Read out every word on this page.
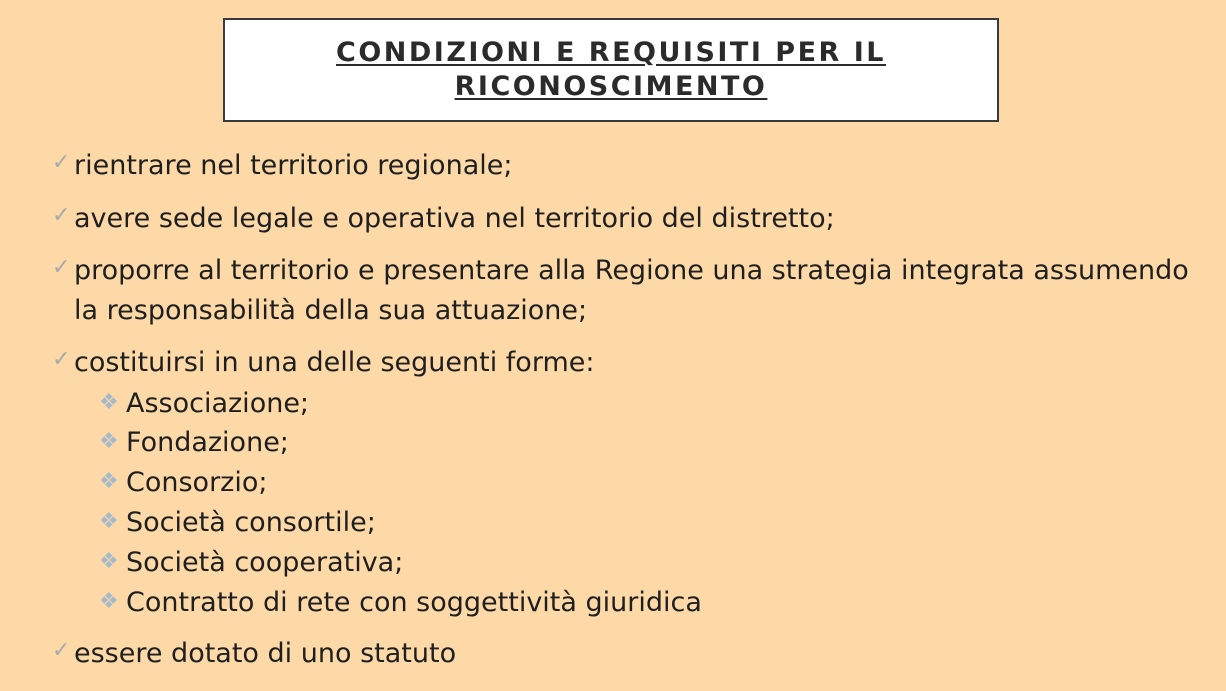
CONDIZIONI E REQUISITI PER IL RICONOSCIMENTO
✓ rientrare nel territorio regionale;
✓ avere sede legale e operativa nel territorio del distretto;
✓ proporre al territorio e presentare alla Regione una strategia integrata assumendo
la responsabilità della sua attuazione;
✓ costituirsi in una delle seguenti forme:
❖ Associazione;
❖ Fondazione;
❖ Consorzio;
❖ Società consortile;
❖ Società cooperativa;
❖ Contratto di rete con soggettività giuridica
✓ essere dotato di uno statuto
